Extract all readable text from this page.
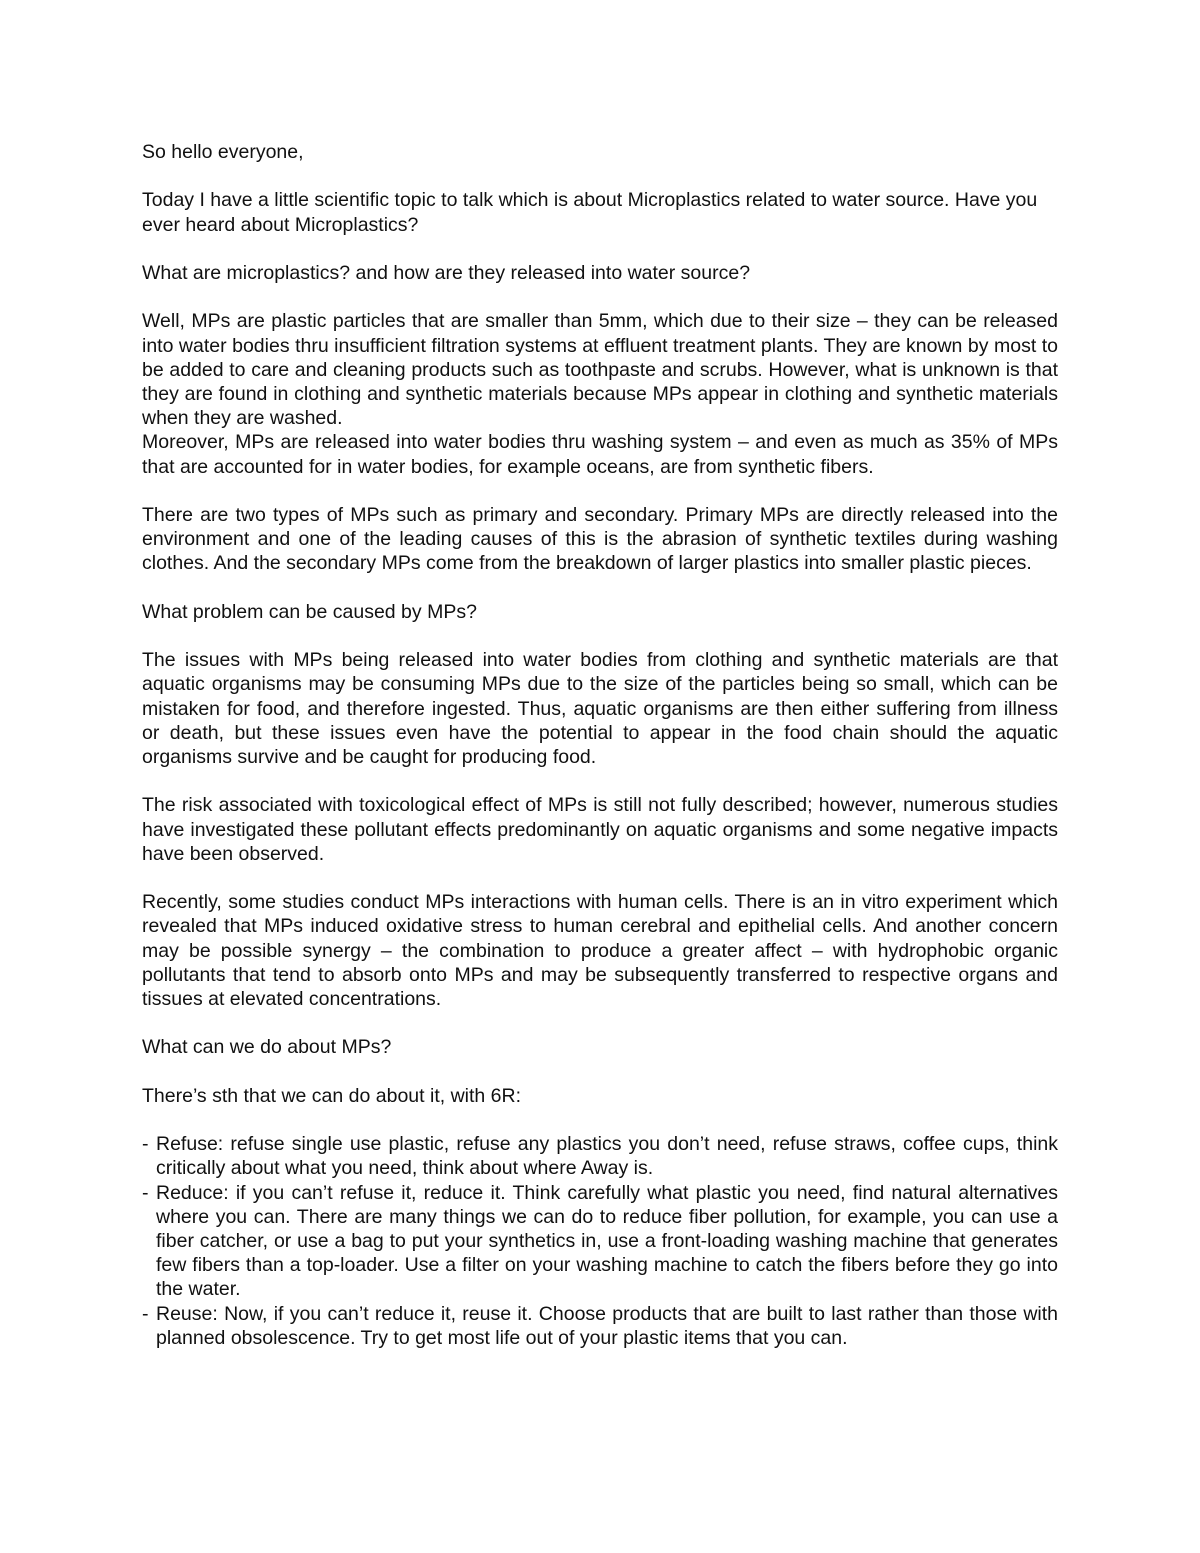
So hello everyone,

Today I have a little scientific topic to talk which is about Microplastics related to water source. Have you ever heard about Microplastics?

What are microplastics? and how are they released into water source?

Well, MPs are plastic particles that are smaller than 5mm, which due to their size – they can be released into water bodies thru insufficient filtration systems at effluent treatment plants. They are known by most to be added to care and cleaning products such as toothpaste and scrubs. However, what is unknown is that they are found in clothing and synthetic materials because MPs appear in clothing and synthetic materials when they are washed.

Moreover, MPs are released into water bodies thru washing system – and even as much as 35% of MPs that are accounted for in water bodies, for example oceans, are from synthetic fibers.

There are two types of MPs such as primary and secondary. Primary MPs are directly released into the environment and one of the leading causes of this is the abrasion of synthetic textiles during washing clothes. And the secondary MPs come from the breakdown of larger plastics into smaller plastic pieces.

What problem can be caused by MPs?

The issues with MPs being released into water bodies from clothing and synthetic materials are that aquatic organisms may be consuming MPs due to the size of the particles being so small, which can be mistaken for food, and therefore ingested. Thus, aquatic organisms are then either suffering from illness or death, but these issues even have the potential to appear in the food chain should the aquatic organisms survive and be caught for producing food.

The risk associated with toxicological effect of MPs is still not fully described; however, numerous studies have investigated these pollutant effects predominantly on aquatic organisms and some negative impacts have been observed.

Recently, some studies conduct MPs interactions with human cells. There is an in vitro experiment which revealed that MPs induced oxidative stress to human cerebral and epithelial cells. And another concern may be possible synergy – the combination to produce a greater affect – with hydrophobic organic pollutants that tend to absorb onto MPs and may be subsequently transferred to respective organs and tissues at elevated concentrations.

What can we do about MPs?

There’s sth that we can do about it, with 6R:

- Refuse: refuse single use plastic, refuse any plastics you don’t need, refuse straws, coffee cups, think critically about what you need, think about where Away is.
- Reduce: if you can’t refuse it, reduce it. Think carefully what plastic you need, find natural alternatives where you can. There are many things we can do to reduce fiber pollution, for example, you can use a fiber catcher, or use a bag to put your synthetics in, use a front-loading washing machine that generates few fibers than a top-loader. Use a filter on your washing machine to catch the fibers before they go into the water.
- Reuse: Now, if you can’t reduce it, reuse it. Choose products that are built to last rather than those with planned obsolescence. Try to get most life out of your plastic items that you can.
